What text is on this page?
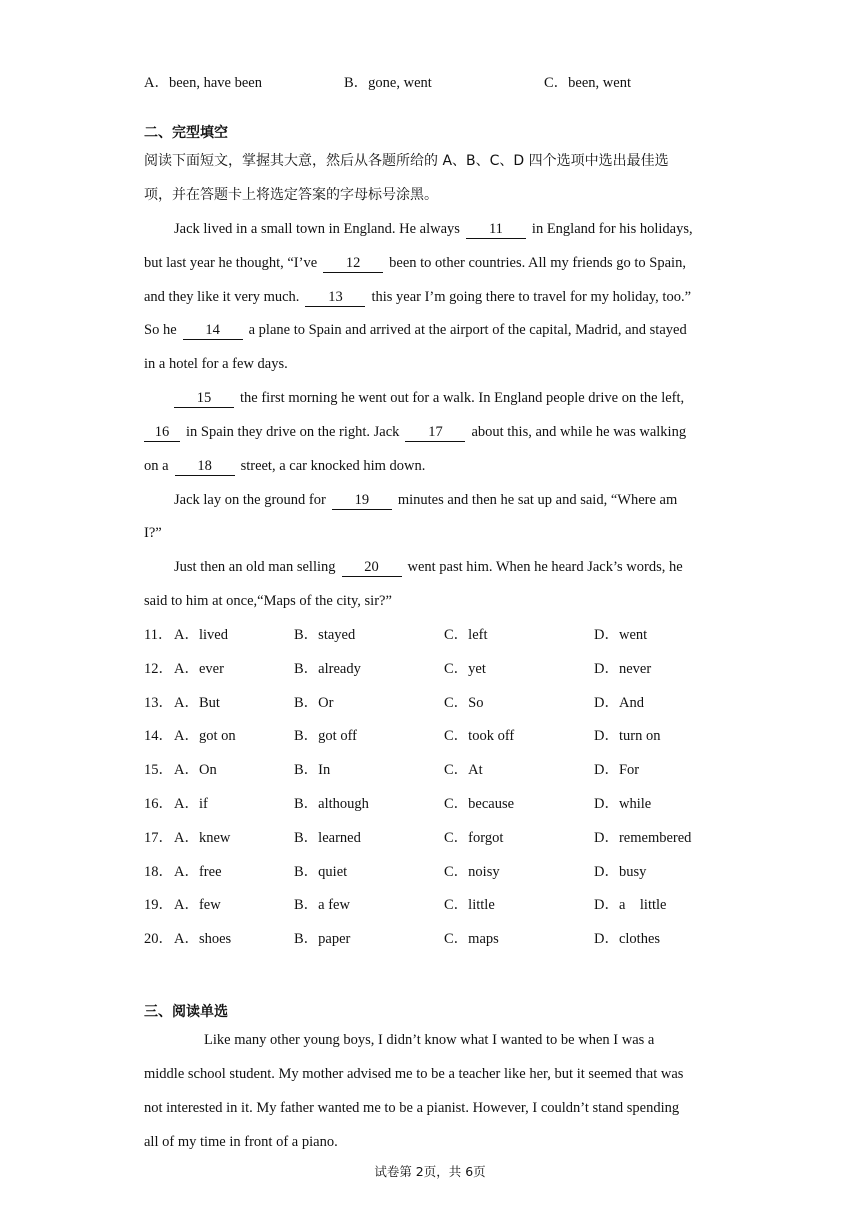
A．been, have been	B．gone, went	C．been, went
二、完型填空
阅读下面短文，掌握其大意，然后从各题所给的 A、B、C、D 四个选项中选出最佳选
项，并在答题卡上将选定答案的字母标号涂黑。
Jack lived in a small town in England. He always 11 in England for his holidays,
but last year he thought, “I’ve 12 been to other countries. All my friends go to Spain,
and they like it very much. 13 this year I’m going there to travel for my holiday, too.”
So he 14 a plane to Spain and arrived at the airport of the capital, Madrid, and stayed
in a hotel for a few days.
15 the first morning he went out for a walk. In England people drive on the left,
16 in Spain they drive on the right. Jack 17 about this, and while he was walking
on a 18 street, a car knocked him down.
Jack lay on the ground for 19 minutes and then he sat up and said, “Where am
I?”
Just then an old man selling 20 went past him. When he heard Jack’s words, he
said to him at once,“Maps of the city, sir?”
11． A．lived	B．stayed	C．left	D．went
12． A．ever	B．already	C．yet	D．never
13． A．But	B．Or	C．So	D．And
14． A．got on	B．got off	C．took off	D．turn on
15． A．On	B．In	C．At	D．For
16． A．if	B．although	C．because	D．while
17． A．knew	B．learned	C．forgot	D．remembered
18． A．free	B．quiet	C．noisy	D．busy
19． A．few	B．a few	C．little	D．a　little
20． A．shoes	B．paper	C．maps	D．clothes
三、阅读单选
Like many other young boys, I didn’t know what I wanted to be when I was a
middle school student. My mother advised me to be a teacher like her, but it seemed that was
not interested in it. My father wanted me to be a pianist. However, I couldn’t stand spending
all of my time in front of a piano.
试卷第 2页，共 6页
